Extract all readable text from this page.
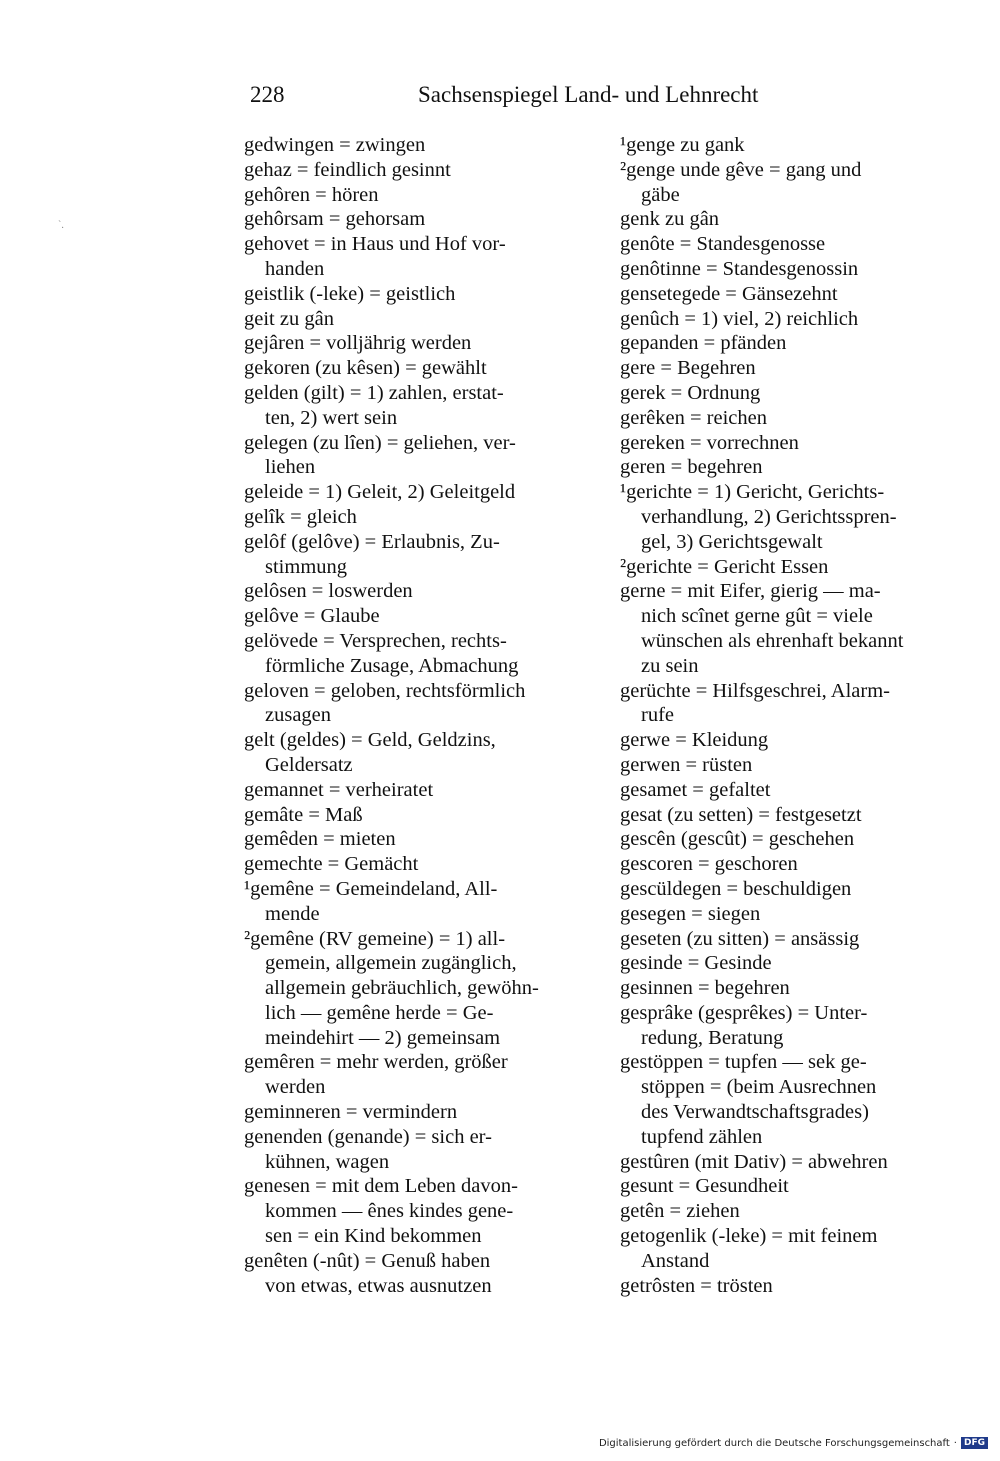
228	Sachsenspiegel Land- und Lehnrecht
`.

gedwingen = zwingen

gehaz = feindlich gesinnt

gehôren = hören

gehôrsam = gehorsam

gehovet = in Haus und Hof vor-
handen

geistlik (-leke) = geistlich

geit zu gân

gejâren = volljährig werden

gekoren (zu kêsen) = gewählt

gelden (gilt) = 1) zahlen, erstat-
ten, 2) wert sein

gelegen (zu lîen) = geliehen, ver-
liehen

geleide = 1) Geleit, 2) Geleitgeld

gelîk = gleich

gelôf (gelôve) = Erlaubnis, Zu-
stimmung

gelôsen = loswerden

gelôve = Glaube

gelövede = Versprechen, rechts-
förmliche Zusage, Abmachung

geloven = geloben, rechtsförmlich
zusagen

gelt (geldes) = Geld, Geldzins,
Geldersatz

gemannet = verheiratet

gemâte = Maß

gemêden = mieten

gemechte = Gemächt

¹gemêne = Gemeindeland, All-
mende

²gemêne (RV gemeine) = 1) all-
gemein, allgemein zugänglich,
allgemein gebräuchlich, gewöhn-
lich — gemêne herde = Ge-
meindehirt — 2) gemeinsam

gemêren = mehr werden, größer
werden

geminneren = vermindern

genenden (genande) = sich er-
kühnen, wagen

genesen = mit dem Leben davon-
kommen — ênes kindes gene-
sen = ein Kind bekommen

genêten (-nût) = Genuß haben
von etwas, etwas ausnutzen

¹genge zu gank

²genge unde gêve = gang und
gäbe

genk zu gân

genôte = Standesgenosse

genôtinne = Standesgenossin

gensetegede = Gänsezehnt

genûch = 1) viel, 2) reichlich

gepanden = pfänden

gere = Begehren

gerek = Ordnung

gerêken = reichen

gereken = vorrechnen

geren = begehren

¹gerichte = 1) Gericht, Gerichts-
verhandlung, 2) Gerichtsspren-
gel, 3) Gerichtsgewalt

²gerichte = Gericht Essen

gerne = mit Eifer, gierig — ma-
nich scînet gerne gût = viele
wünschen als ehrenhaft bekannt
zu sein

gerüchte = Hilfsgeschrei, Alarm-
rufe

gerwe = Kleidung

gerwen = rüsten

gesamet = gefaltet

gesat (zu setten) = festgesetzt

gescên (gescût) = geschehen

gescoren = geschoren

gescüldegen = beschuldigen

gesegen = siegen

geseten (zu sitten) = ansässig

gesinde = Gesinde

gesinnen = begehren

gesprâke (gesprêkes) = Unter-
redung, Beratung

gestöppen = tupfen — sek ge-
stöppen = (beim Ausrechnen
des Verwandtschaftsgrades)
tupfend zählen

gestûren (mit Dativ) = abwehren

gesunt = Gesundheit

getên = ziehen

getogenlik (-leke) = mit feinem
Anstand

getrôsten = trösten

Digitalisierung gefördert durch die Deutsche Forschungsgemeinschaft · DFG
